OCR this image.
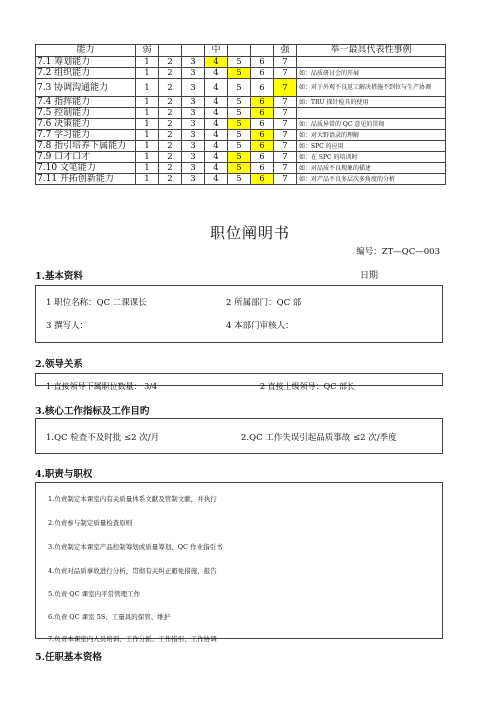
能力	弱			中			强	举一最具代表性事例
7.1 筹划能力	1	2	3	4	5	6	7	
7.2 组织能力	1	2	3	4	5	6	7	如：品质研讨会的开展
7.3 协调沟通能力	1	2	3	4	5	6	7	如：对于外观不良返工解决措施不到位与生产协调
7.4 指挥能力	1	2	3	4	5	6	7	如：TRU 探针检具的使用
7.5 控制能力	1	2	3	4	5	6	7	
7.6 决策能力	1	2	3	4	5	6	7	如：品质异常的 QC 意见的贯彻
7.7 学习能力	1	2	3	4	5	6	7	如：对大野语录的理解
7.8 指引培养下属能力	1	2	3	4	5	6	7	如：SPC 的应用
7.9 口才口才	1	2	3	4	5	6	7	如：在 SPC 的培训时
7.10 文笔能力	1	2	3	4	5	6	7	如：对品质不良现象的描述
7.11 开拓创新能力	1	2	3	4	5	6	7	如：对产品不良多层次多角度的分析
职位阐明书
编号：ZT—QC—003
1.基本资料	日期
1 职位名称：QC 二课课长	2 所属部门：QC 部
3 撰写人：	4 本部门审核人：
2.领导关系
1 直接领导下属职位数量： 3/4	2 直接上级领导：QC 部长
3.核心工作指标及工作目旳
1.QC 检查不及时批 ≤2 次/月	2.QC 工作失误引起品质事故 ≤2 次/季度
4.职责与职权
1.负责制定本课室内有关质量体系文献及管制文献，并执行
2.负责参与制定质量检查原则
3.负责制定本课室产品控制筹划或质量筹划、QC 作业指引书
4.负责对品质事故进行分析，贯彻有关纠正避免措施，报告
5.负责 QC 课室内平常管理工作
6.负责 QC 课室 5S、工量具的保管、维护
7.负责本课室内人员培训、工作分派、工作指引、工作协调
5.任职基本资格
